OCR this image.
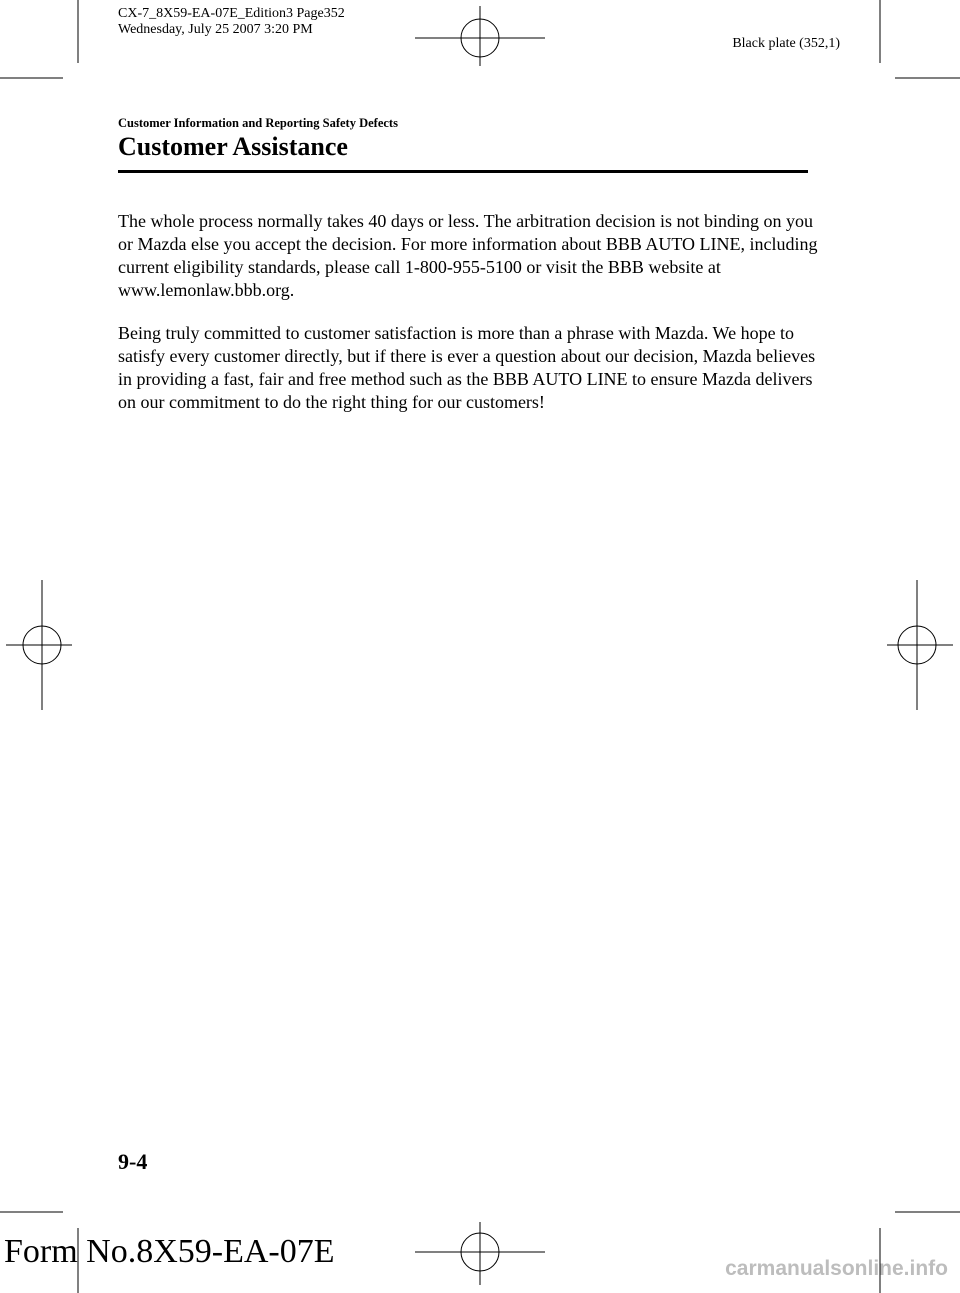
CX-7_8X59-EA-07E_Edition3 Page352
Wednesday, July 25 2007 3:20 PM
Black plate (352,1)
Customer Information and Reporting Safety Defects
Customer Assistance

The whole process normally takes 40 days or less. The arbitration decision is not binding on you or Mazda else you accept the decision. For more information about BBB AUTO LINE, including current eligibility standards, please call 1-800-955-5100 or visit the BBB website at www.lemonlaw.bbb.org.

Being truly committed to customer satisfaction is more than a phrase with Mazda. We hope to satisfy every customer directly, but if there is ever a question about our decision, Mazda believes in providing a fast, fair and free method such as the BBB AUTO LINE to ensure Mazda delivers on our commitment to do the right thing for our customers!

9-4
Form No.8X59-EA-07E	carmanualsonline.info
